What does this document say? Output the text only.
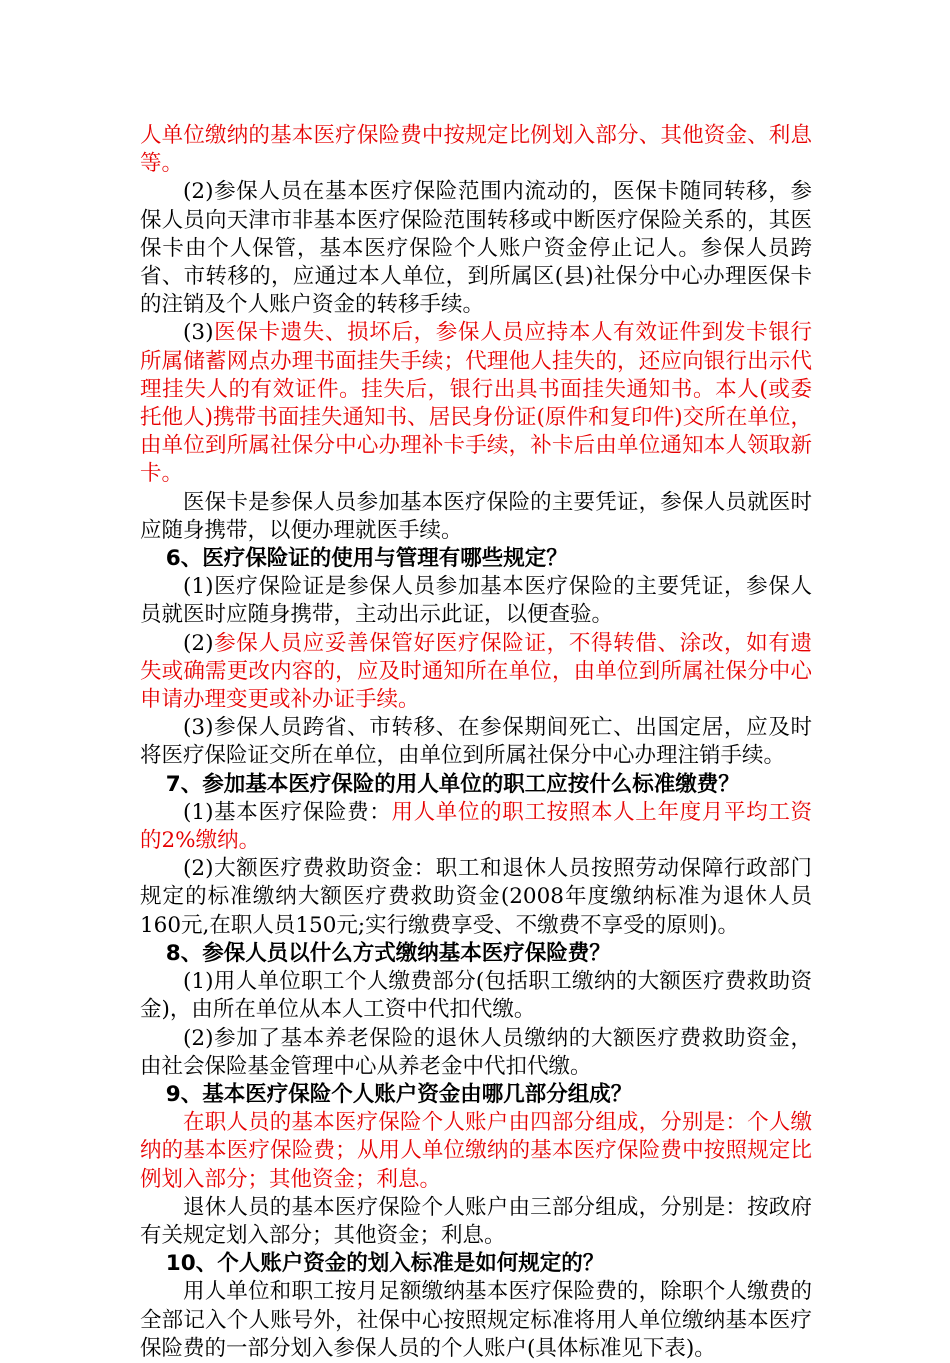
人单位缴纳的基本医疗保险费中按规定比例划入部分、其他资金、利息等。

(2)参保人员在基本医疗保险范围内流动的，医保卡随同转移，参保人员向天津市非基本医疗保险范围转移或中断医疗保险关系的，其医保卡由个人保管，基本医疗保险个人账户资金停止记人。参保人员跨省、市转移的，应通过本人单位，到所属区(县)社保分中心办理医保卡的注销及个人账户资金的转移手续。

(3)医保卡遗失、损坏后，参保人员应持本人有效证件到发卡银行所属储蓄网点办理书面挂失手续；代理他人挂失的，还应向银行出示代理挂失人的有效证件。挂失后，银行出具书面挂失通知书。本人(或委托他人)携带书面挂失通知书、居民身份证(原件和复印件)交所在单位，由单位到所属社保分中心办理补卡手续，补卡后由单位通知本人领取新卡。

医保卡是参保人员参加基本医疗保险的主要凭证，参保人员就医时应随身携带，以便办理就医手续。

6、医疗保险证的使用与管理有哪些规定？

(1)医疗保险证是参保人员参加基本医疗保险的主要凭证，参保人员就医时应随身携带，主动出示此证，以便查验。

(2)参保人员应妥善保管好医疗保险证，不得转借、涂改，如有遗失或确需更改内容的，应及时通知所在单位，由单位到所属社保分中心申请办理变更或补办证手续。

(3)参保人员跨省、市转移、在参保期间死亡、出国定居，应及时将医疗保险证交所在单位，由单位到所属社保分中心办理注销手续。

7、参加基本医疗保险的用人单位的职工应按什么标准缴费？

(1)基本医疗保险费：用人单位的职工按照本人上年度月平均工资的2%缴纳。

(2)大额医疗费救助资金：职工和退休人员按照劳动保障行政部门规定的标准缴纳大额医疗费救助资金(2008年度缴纳标准为退休人员160元,在职人员150元;实行缴费享受、不缴费不享受的原则)。

8、参保人员以什么方式缴纳基本医疗保险费？

(1)用人单位职工个人缴费部分(包括职工缴纳的大额医疗费救助资金)，由所在单位从本人工资中代扣代缴。

(2)参加了基本养老保险的退休人员缴纳的大额医疗费救助资金，由社会保险基金管理中心从养老金中代扣代缴。

9、基本医疗保险个人账户资金由哪几部分组成？

在职人员的基本医疗保险个人账户由四部分组成，分别是：个人缴纳的基本医疗保险费；从用人单位缴纳的基本医疗保险费中按照规定比例划入部分；其他资金；利息。

退休人员的基本医疗保险个人账户由三部分组成，分别是：按政府有关规定划入部分；其他资金；利息。

10、个人账户资金的划入标准是如何规定的？

用人单位和职工按月足额缴纳基本医疗保险费的，除职个人缴费的全部记入个人账号外，社保中心按照规定标准将用人单位缴纳基本医疗保险费的一部分划入参保人员的个人账户(具体标准见下表)。
